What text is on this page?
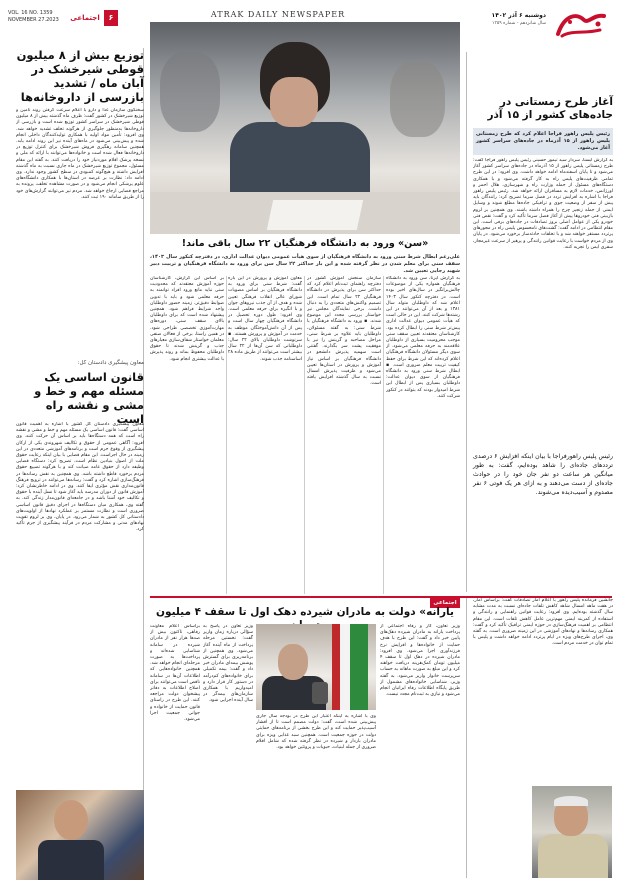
VOL. 16 NO. 1359
NOVEMBER 27.2023	اجتماعی	۶	ATRAK DAILY NEWSPAPER	دوشنبه ۶ آذر ۱۴۰۲
سال شانزدهم - شماره ۱۳۵۹
توزیع بیش از ۸ میلیون قوطی شیرخشک در آبان ماه / تشدید بازرسی از داروخانه‌ها
سخنگوی سازمان غذا و دارو با اعلام سرعت گرفتن روند تأمین و توزیع شیرخشک در کشور گفت: ظرف ماه گذشته بیش از ۸ میلیون قوطی شیرخشک در سراسر کشور توزیع شده است و بازرسی از داروخانه‌ها به‌منظور جلوگیری از هرگونه تخلف تشدید خواهد شد. وی افزود: تأمین مواد اولیه با همکاری تولیدکنندگان داخلی انجام شده و پیش‌بینی می‌شود در ماه‌های آینده نیز این روند ادامه یابد. همچنین سامانه رهگیری فروش شیرخشک برای کنترل توزیع در داروخانه‌ها فعال شده است و خانواده‌ها می‌توانند با ارائه کد ملی و نسخه پزشک اقلام موردنیاز خود را دریافت کنند. به گفته این مقام مسئول، مجموع توزیع شیرخشک در ماه جاری نسبت به ماه گذشته افزایش داشته و هیچ‌گونه کمبودی در سطح کشور وجود ندارد. وی ادامه داد: نظارت بر عرضه در استان‌ها با همکاری دانشگاه‌های علوم پزشکی انجام می‌شود و در صورت مشاهده تخلف، پرونده به مراجع قضایی ارجاع خواهد شد. مردم نیز می‌توانند گزارش‌های خود را از طریق سامانه ۱۹۰ ثبت کنند.
معاون پیشگیری دادستان کل:
قانون اساسی یک مسئله مهم و خط و مشی و نقشه راه است
معاون پیشگیری دادستان کل کشور با اشاره به اهمیت قانون اساسی گفت: قانون اساسی یک مسئله مهم و خط و مشی و نقشه راه است که همه دستگاه‌ها باید بر اساس آن حرکت کنند. وی افزود: آگاهی عمومی از حقوق و تکالیف شهروندی یکی از ارکان پیشگیری از وقوع جرم است و برنامه‌های آموزشی متعددی در این زمینه در حال اجراست. این مقام قضایی با بیان اینکه رعایت حقوق ملت از اصول بنیادین نظام است، تصریح کرد: دستگاه قضایی وظیفه دارد از حقوق عامه صیانت کند و با هرگونه تضییع حقوق مردم برخورد قاطع داشته باشد. وی همچنین به نقش رسانه‌ها در فرهنگ‌سازی اشاره کرد و گفت: رسانه‌ها می‌توانند در ترویج فرهنگ قانون‌مداری نقش مؤثری ایفا کنند. وی در ادامه خاطرنشان کرد: آموزش قانون از دوران مدرسه باید آغاز شود تا نسل آینده با حقوق و تکالیف خود آشنا باشد و در جامعه‌ای قانون‌مدار زندگی کند. به گفته وی، همکاری میان دستگاه‌ها در اجرای دقیق قانون اساسی ضروری است و نظارت مستمر بر عملکرد نهادها از اولویت‌های دادستانی کل کشور به شمار می‌رود. در پایان، وی بر لزوم تقویت نهادهای مدنی و مشارکت مردم در فرآیند پیشگیری از جرم تأکید کرد.
«سن» ورود به دانشگاه فرهنگیان ۲۲ سال باقی ماند!
علی‌رغم ابطال شرط سنی ورود به دانشگاه فرهنگیان از سوی هیأت عمومی دیوان عدالت اداری، در دفترچه کنکور سال ۱۴۰۳، سقف سنی برای معلم شدن در نظر گرفته شده و این بار حداکثر ۲۲ سال سن برای ورود به دانشگاه فرهنگیان و تربیت دبیر شهید رجایی تعیین شد.
به گزارش ایرنا، سن ورود به دانشگاه فرهنگیان همواره یکی از موضوعات چالش‌برانگیز در سال‌های اخیر بوده است. در دفترچه کنکور سال ۱۴۰۳ اعلام شد که داوطلبان متولد سال ۱۳۸۱ و بعد از آن می‌توانند در این رشته‌ها شرکت کنند. این در حالی است که هیأت عمومی دیوان عدالت اداری پیش‌تر شرط سنی را ابطال کرده بود. کارشناسان معتقدند تعیین سقف سنی موجب محرومیت بسیاری از داوطلبان علاقه‌مند به حرفه معلمی می‌شود. از سوی دیگر مسئولان دانشگاه فرهنگیان اعلام کرده‌اند که این شرط برای حفظ کیفیت تربیت معلم ضروری است. ▪ ابطال شرط سنی ورود به دانشگاه فرهنگیان از سوی دیوان عدالت: داوطلبان بسیاری پس از ابطال این شرط امیدوار بودند که بتوانند در کنکور شرکت کنند.
سازمان سنجش آموزش کشور در دفترچه راهنمای ثبت‌نام اعلام کرد که حداکثر سن برای پذیرش در دانشگاه فرهنگیان ۲۲ سال تمام است. این تصمیم واکنش‌های متعددی را به دنبال داشت. برخی نمایندگان مجلس نیز خواستار بررسی مجدد این موضوع شدند. ▪ ورود به دانشگاه فرهنگیان با شرط سنی: به گفته مسئولان، داوطلبان باید علاوه بر شرط سنی، مراحل مصاحبه و گزینش را نیز با موفقیت پشت سر بگذارند. گفتنی است سهمیه پذیرش دانشجو در دانشگاه فرهنگیان بر اساس نیاز آموزش و پرورش در استان‌ها تعیین می‌شود و ظرفیت پذیرش امسال نسبت به سال گذشته افزایش یافته است.
معاون آموزش و پرورش در این باره گفت: شرط سنی برای ورود به دانشگاه فرهنگیان بر اساس مصوبات شورای عالی انقلاب فرهنگی تعیین شده و هدف از آن جذب نیروهای جوان و با انگیزه برای حرفه معلمی است. وی افزود: طول دوره تحصیل در دانشگاه فرهنگیان چهار سال است و پس از آن دانش‌آموختگان موظف به خدمت در آموزش و پرورش هستند. ▪ سرنوشت داوطلبان بالای ۲۲ سال: داوطلبانی که سن آن‌ها از ۲۲ سال بیشتر است می‌توانند از طریق ماده ۲۸ اساسنامه جذب شوند.
بر اساس این گزارش، کارشناسان حوزه آموزش معتقدند که محدودیت سنی نباید مانع ورود افراد توانمند به حرفه معلمی شود و باید با تدوین ضوابط دقیق‌تر، زمینه حضور داوطلبان واجد شرایط فراهم شود. همچنین پیشنهاد شده است که برای داوطلبان بالای سقف سنی، دوره‌های مهارت‌آموزی تخصصی طراحی شود. در همین راستا، برخی از فعالان صنفی معلمان خواستار شفاف‌سازی معیارهای جذب و گزینش شدند تا حقوق داوطلبان محفوظ بماند و روند پذیرش با عدالت بیشتری انجام شود.
آغاز طرح زمستانی در جاده‌های کشور از ۱۵ آذر
رئیس پلیس راهور فراجا اعلام کرد که طرح زمستانی پلیس راهور از ۱۵ آذرماه در جاده‌های سراسر کشور آغاز می‌شود.
به گزارش ایسنا، سردار سید تیمور حسینی رئیس پلیس راهور فراجا گفت: طرح زمستانی پلیس راهور از ۱۵ آذرماه در جاده‌های سراسر کشور آغاز می‌شود و تا پایان اسفندماه ادامه خواهد داشت. وی افزود: در این طرح تمامی ظرفیت‌های پلیس راه به کار گرفته می‌شود و با همکاری دستگاه‌های مسئول از جمله وزارت راه و شهرسازی، هلال احمر و اورژانس، خدمات لازم به مسافران ارائه خواهد شد. رئیس پلیس راهور فراجا با اشاره به افزایش تردد در فصل سرما تصریح کرد: رانندگان باید پیش از سفر از وضعیت جوی و ترافیکی جاده‌ها مطلع شوند و وسایل ایمنی از جمله زنجیر چرخ را همراه داشته باشند. وی همچنین بر لزوم بازبینی فنی خودروها پیش از آغاز فصل سرما تأکید کرد و گفت: نقص فنی خودرو یکی از عوامل اصلی بروز تصادفات در جاده‌های برفی است. این مقام انتظامی در ادامه گفت: گشت‌های نامحسوس پلیس راه در محورهای پرتردد مستقر خواهند شد و با تخلفات حادثه‌ساز برخورد می‌شود. در پایان وی از مردم خواست با رعایت قوانین رانندگی و پرهیز از سرعت غیرمجاز، سفری ایمن را تجربه کنند.
رئیس پلیس راهورفراجا با بیان اینکه افزایش ۶ درصدی ترددهای جاده‌ای را شاهد بوده‌ایم، گفت: به طور میانگین هر ساعت دو نفر جان خود را در حوادث جاده‌ای از دست می‌دهند و به ازای هر یک فوتی ۶ نفر مصدوم و آسیب‌دیده می‌شوند.
اجتماعی
یارانه» دولت به مادران شیرده دهک اول تا سقف ۴ میلیون
وزیر تعاون، کار و رفاه اجتماعی از پرداخت یارانه به مادران شیرده دهک‌های پایین خبر داد و گفت: این طرح با هدف حمایت از خانواده‌ها و افزایش نرخ فرزندآوری اجرا می‌شود. وی افزود: مادران شیرده در دهک اول تا سقف ۴ میلیون تومان کمک‌هزینه دریافت خواهند کرد و این مبلغ به صورت ماهانه به حساب سرپرست خانوار واریز می‌شود. به گفته وزیر، شناسایی خانواده‌های مشمول از طریق پایگاه اطلاعات رفاه ایرانیان انجام می‌شود و نیازی به ثبت‌نام مجدد نیست.
وی با اشاره به اینکه اعتبار این طرح در بودجه سال جاری پیش‌بینی شده است، گفت: دولت مصمم است تا از اقشار آسیب‌پذیر حمایت کند و این طرح بخشی از برنامه‌های حمایتی دولت در حوزه جمعیت است. همچنین سبد غذایی ویژه برای مادران باردار و شیرده در نظر گرفته شده که شامل اقلام ضروری از جمله لبنیات، حبوبات و پروتئین خواهد بود.
وزیر تعاون در پاسخ به سؤالی درباره زمان واریز گفت: نخستین مرحله پرداخت از ماه آینده آغاز می‌شود. وی همچنین از برنامه‌ریزی برای گسترش پوشش بیمه‌ای مادران خبر داد و گفت: بیمه تکمیلی برای خانواده‌های کم‌درآمد در دستور کار قرار دارد و امیدواریم با همکاری سازمان‌های بیمه‌گر در سال آینده اجرایی شود.
براساس اعلام معاونت رفاهی، تاکنون بیش از صدها هزار نفر از مادران شیرده در سامانه شناسایی شده‌اند و پرداخت‌ها به صورت مرحله‌ای انجام خواهد شد. همچنین خانواده‌هایی که اطلاعات آن‌ها در سامانه ناقص است می‌توانند برای اصلاح اطلاعات به دفاتر پیشخوان دولت مراجعه کنند. این طرح در راستای قانون حمایت از خانواده و جوانی جمعیت اجرا می‌شود.
جانشین فرمانده پلیس راهور با اعلام آمار تصادفات گفت: براساس آمار، در هفت ماهه امسال شاهد کاهش تلفات جاده‌ای نسبت به مدت مشابه سال گذشته بوده‌ایم. وی افزود: رعایت قوانین راهنمایی و رانندگی و استفاده از کمربند ایمنی مهم‌ترین عامل کاهش تلفات است. این مقام انتظامی بر اهمیت فرهنگ‌سازی در حوزه ایمنی ترافیک تأکید کرد و گفت: همکاری رسانه‌ها و نهادهای آموزشی در این زمینه ضروری است. به گفته وی، اجرای طرح‌های ویژه در ایام پرتردد ادامه خواهد داشت و پلیس با تمام توان در خدمت مردم است.
